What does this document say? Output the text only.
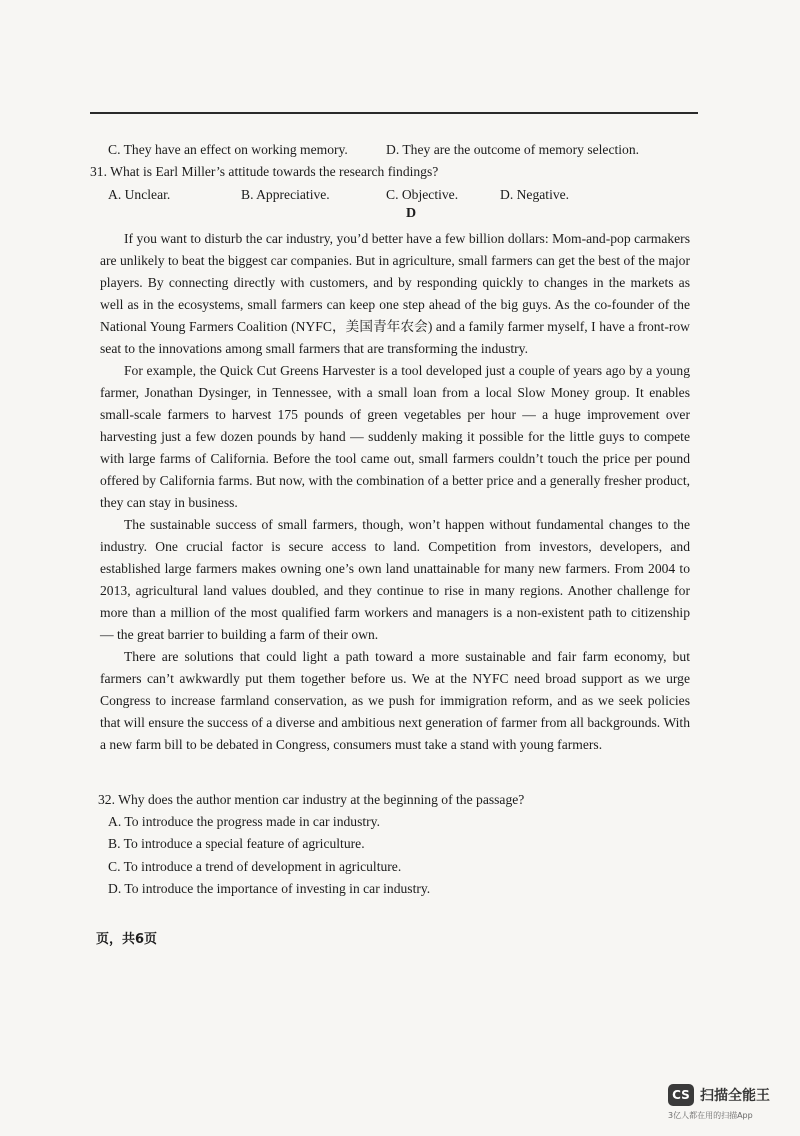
C. They have an effect on working memory.	D. They are the outcome of memory selection.
31. What is Earl Miller’s attitude towards the research findings?
A. Unclear.	B. Appreciative.	C. Objective.	D. Negative.
D

If you want to disturb the car industry, you’d better have a few billion dollars: Mom-and-pop carmakers are unlikely to beat the biggest car companies. But in agriculture, small farmers can get the best of the major players. By connecting directly with customers, and by responding quickly to changes in the markets as well as in the ecosystems, small farmers can keep one step ahead of the big guys. As the co-founder of the National Young Farmers Coalition (NYFC，美国青年农会) and a family farmer myself, I have a front-row seat to the innovations among small farmers that are transforming the industry.

For example, the Quick Cut Greens Harvester is a tool developed just a couple of years ago by a young farmer, Jonathan Dysinger, in Tennessee, with a small loan from a local Slow Money group. It enables small-scale farmers to harvest 175 pounds of green vegetables per hour — a huge improvement over harvesting just a few dozen pounds by hand — suddenly making it possible for the little guys to compete with large farms of California. Before the tool came out, small farmers couldn’t touch the price per pound offered by California farms. But now, with the combination of a better price and a generally fresher product, they can stay in business.

The sustainable success of small farmers, though, won’t happen without fundamental changes to the industry. One crucial factor is secure access to land. Competition from investors, developers, and established large farmers makes owning one’s own land unattainable for many new farmers. From 2004 to 2013, agricultural land values doubled, and they continue to rise in many regions. Another challenge for more than a million of the most qualified farm workers and managers is a non-existent path to citizenship — the great barrier to building a farm of their own.

There are solutions that could light a path toward a more sustainable and fair farm economy, but farmers can’t awkwardly put them together before us. We at the NYFC need broad support as we urge Congress to increase farmland conservation, as we push for immigration reform, and as we seek policies that will ensure the success of a diverse and ambitious next generation of farmer from all backgrounds. With a new farm bill to be debated in Congress, consumers must take a stand with young farmers.

32. Why does the author mention car industry at the beginning of the passage?
A. To introduce the progress made in car industry.
B. To introduce a special feature of agriculture.
C. To introduce a trend of development in agriculture.
D. To introduce the importance of investing in car industry.
页，共6页
CS 扫描全能王
3亿人都在用的扫描App
